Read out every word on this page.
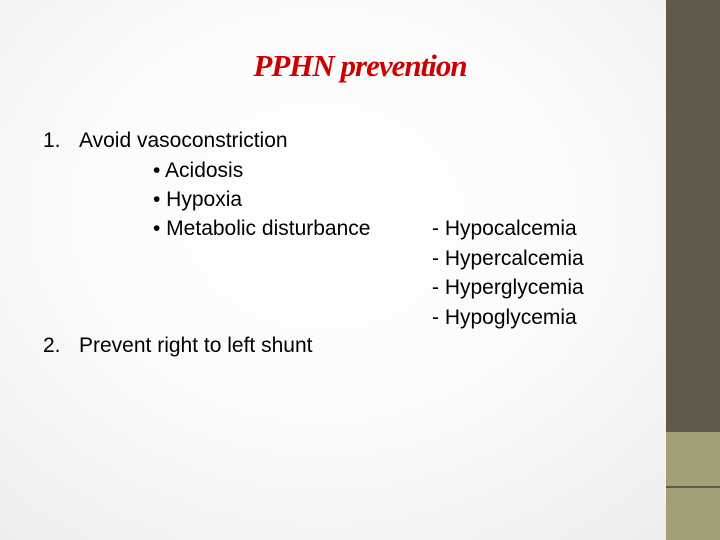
PPHN prevention
1. Avoid vasoconstriction
• Acidosis
• Hypoxia
• Metabolic disturbance	- Hypocalcemia
- Hypercalcemia
- Hyperglycemia
- Hypoglycemia
2. Prevent right to left shunt
